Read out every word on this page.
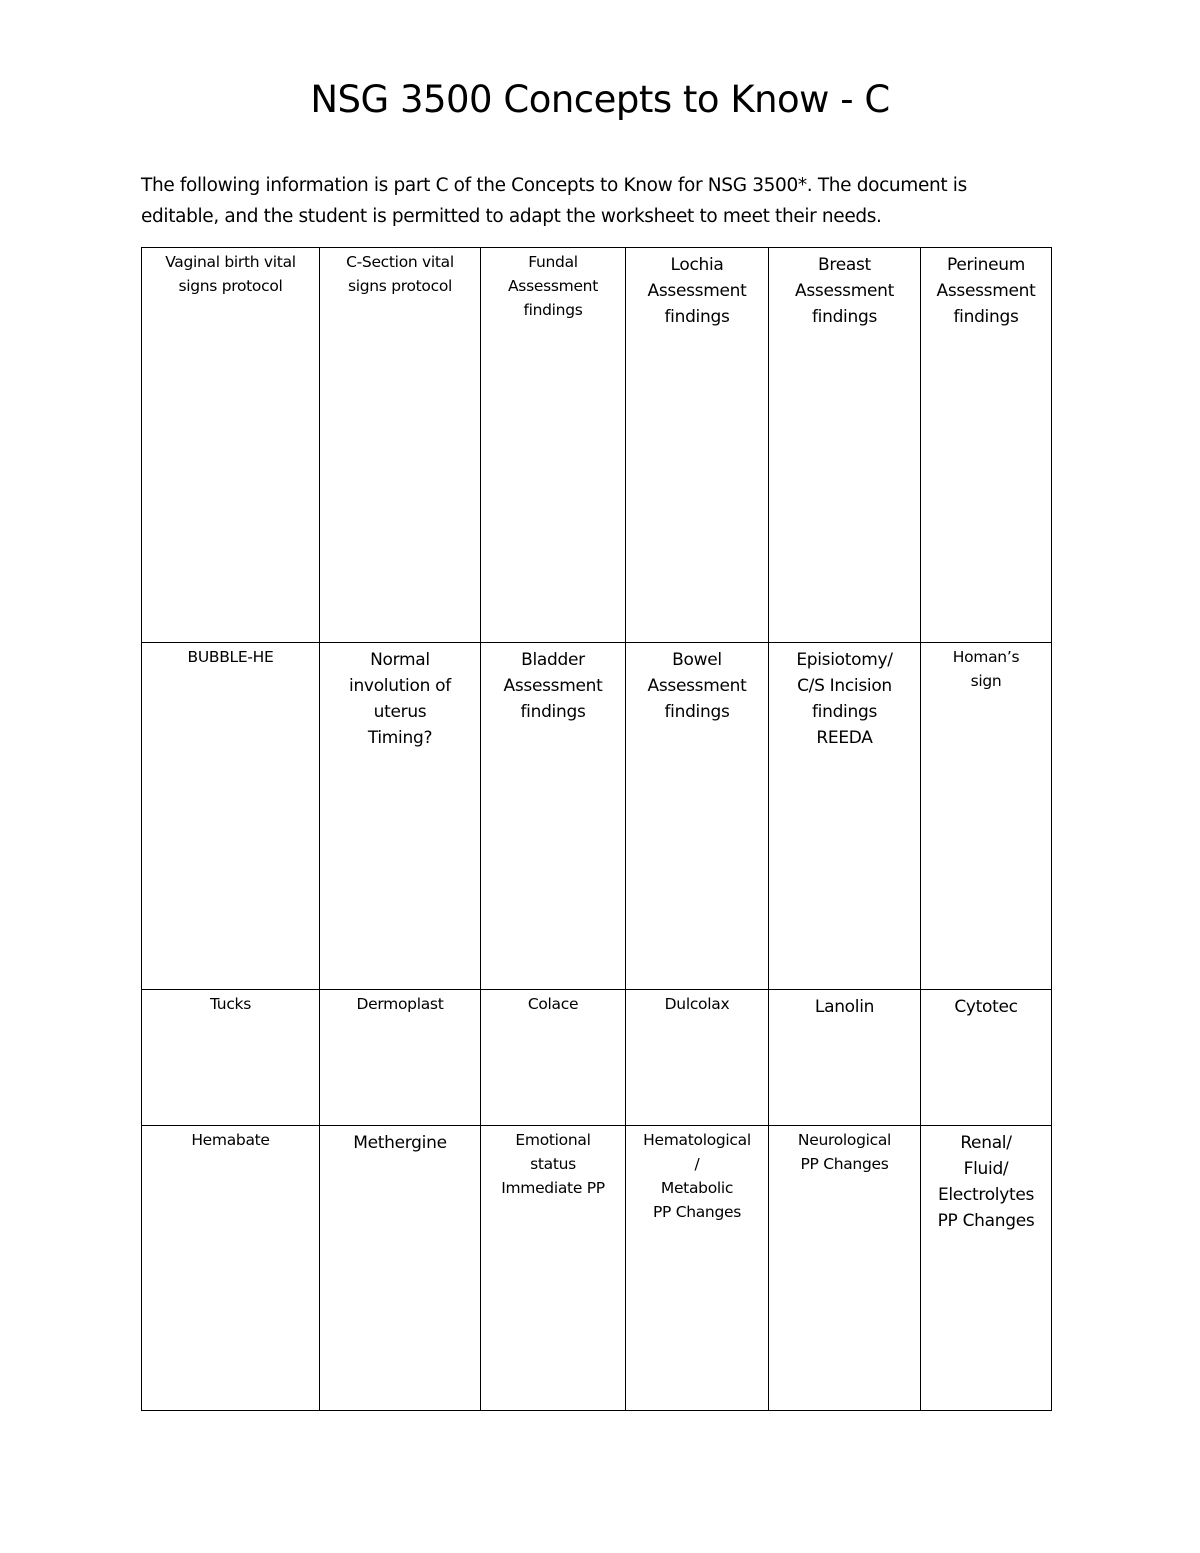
NSG 3500 Concepts to Know - C

The following information is part C of the Concepts to Know for NSG 3500*. The document is

editable, and the student is permitted to adapt the worksheet to meet their needs.

Vaginal birth vital
signs protocol	C-Section vital
signs protocol	Fundal
Assessment
findings	Lochia
Assessment
findings	Breast
Assessment
findings	Perineum
Assessment
findings

BUBBLE-HE	Normal
involution of
uterus
Timing?	Bladder
Assessment
findings	Bowel
Assessment
findings	Episiotomy/
C/S Incision
findings
REEDA	Homan’s
sign

Tucks	Dermoplast	Colace	Dulcolax	Lanolin	Cytotec

Hemabate	Methergine	Emotional
status
Immediate PP	Hematological
/
Metabolic
PP Changes	Neurological
PP Changes	Renal/
Fluid/
Electrolytes
PP Changes
